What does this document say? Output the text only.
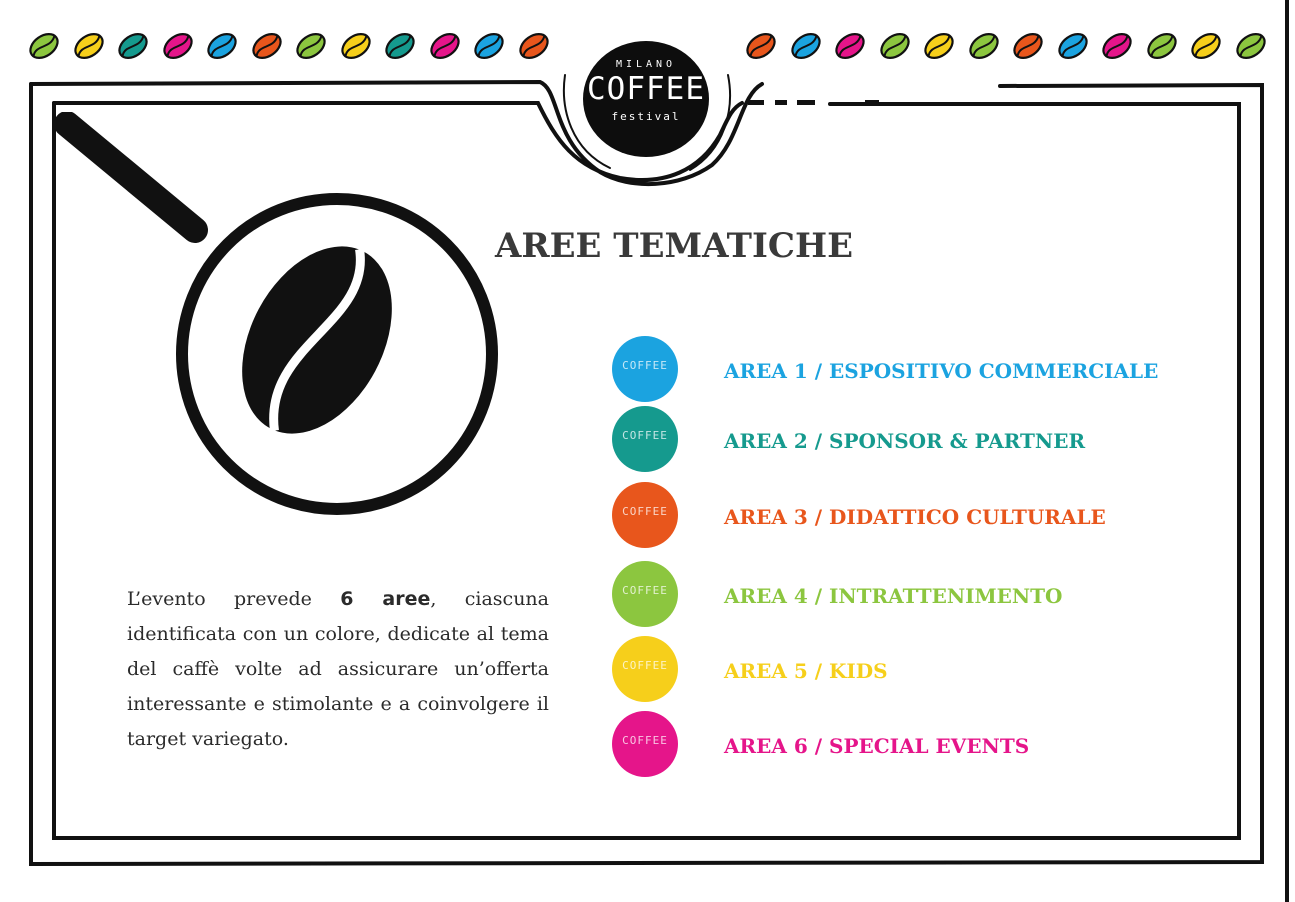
MILANO
COFFEE
festival
AREE TEMATICHE
COFFEE	AREA 1 / ESPOSITIVO COMMERCIALE
COFFEE	AREA 2 / SPONSOR & PARTNER
COFFEE	AREA 3 / DIDATTICO CULTURALE
COFFEE	AREA 4 / INTRATTENIMENTO
COFFEE	AREA 5 / KIDS
COFFEE	AREA 6 / SPECIAL EVENTS

L’evento prevede 6 aree, ciascuna identificata con un colore, dedicate al tema del caffè volte ad assicurare un’offerta interessante e stimolante e a coinvolgere il target variegato.
